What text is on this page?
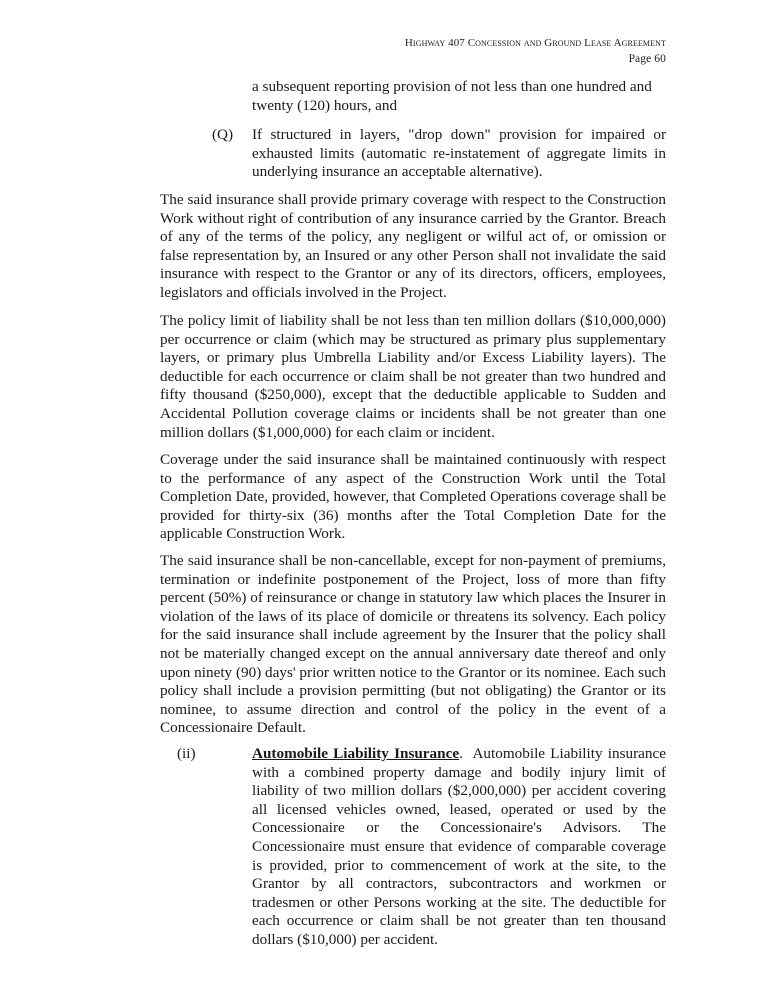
Highway 407 Concession and Ground Lease Agreement
Page 60

a subsequent reporting provision of not less than one hundred and twenty (120) hours, and

(Q)	If structured in layers, "drop down" provision for impaired or exhausted limits (automatic re-instatement of aggregate limits in underlying insurance an acceptable alternative).

The said insurance shall provide primary coverage with respect to the Construction Work without right of contribution of any insurance carried by the Grantor. Breach of any of the terms of the policy, any negligent or wilful act of, or omission or false representation by, an Insured or any other Person shall not invalidate the said insurance with respect to the Grantor or any of its directors, officers, employees, legislators and officials involved in the Project.

The policy limit of liability shall be not less than ten million dollars ($10,000,000) per occurrence or claim (which may be structured as primary plus supplementary layers, or primary plus Umbrella Liability and/or Excess Liability layers). The deductible for each occurrence or claim shall be not greater than two hundred and fifty thousand ($250,000), except that the deductible applicable to Sudden and Accidental Pollution coverage claims or incidents shall be not greater than one million dollars ($1,000,000) for each claim or incident.

Coverage under the said insurance shall be maintained continuously with respect to the performance of any aspect of the Construction Work until the Total Completion Date, provided, however, that Completed Operations coverage shall be provided for thirty-six (36) months after the Total Completion Date for the applicable Construction Work.

The said insurance shall be non-cancellable, except for non-payment of premiums, termination or indefinite postponement of the Project, loss of more than fifty percent (50%) of reinsurance or change in statutory law which places the Insurer in violation of the laws of its place of domicile or threatens its solvency. Each policy for the said insurance shall include agreement by the Insurer that the policy shall not be materially changed except on the annual anniversary date thereof and only upon ninety (90) days' prior written notice to the Grantor or its nominee. Each such policy shall include a provision permitting (but not obligating) the Grantor or its nominee, to assume direction and control of the policy in the event of a Concessionaire Default.

(ii)	Automobile Liability Insurance.  Automobile Liability insurance with a combined property damage and bodily injury limit of liability of two million dollars ($2,000,000) per accident covering all licensed vehicles owned, leased, operated or used by the Concessionaire or the Concessionaire's Advisors. The Concessionaire must ensure that evidence of comparable coverage is provided, prior to commencement of work at the site, to the Grantor by all contractors, subcontractors and workmen or tradesmen or other Persons working at the site. The deductible for each occurrence or claim shall be not greater than ten thousand dollars ($10,000) per accident.
